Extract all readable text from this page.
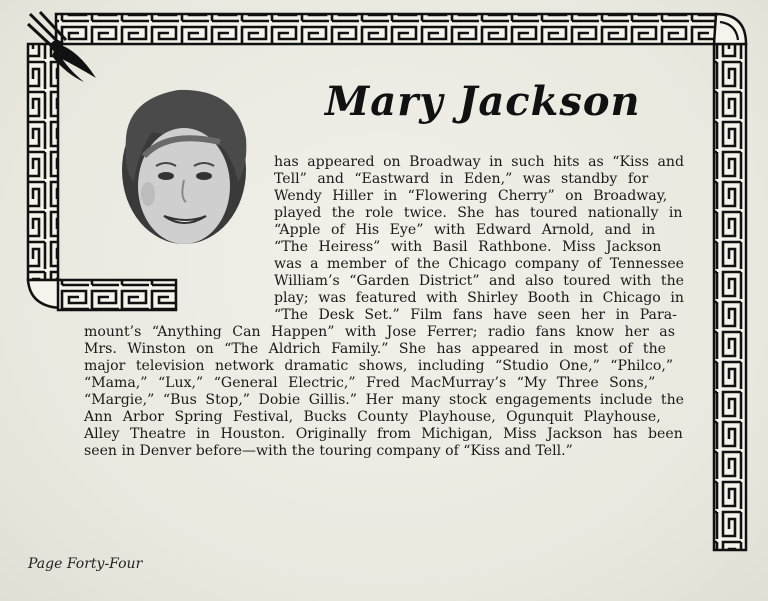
Mary Jackson
has appeared on Broadway in such hits as “Kiss and
Tell” and “Eastward in Eden,” was standby for
Wendy Hiller in “Flowering Cherry” on Broadway,
played the role twice. She has toured nationally in
“Apple of His Eye” with Edward Arnold, and in
“The Heiress” with Basil Rathbone. Miss Jackson
was a member of the Chicago company of Tennessee
William’s “Garden District” and also toured with the
play; was featured with Shirley Booth in Chicago in
“The Desk Set.” Film fans have seen her in Para-
mount’s “Anything Can Happen” with Jose Ferrer; radio fans know her as
Mrs. Winston on “The Aldrich Family.” She has appeared in most of the
major television network dramatic shows, including “Studio One,” “Philco,”
“Mama,” “Lux,” “General Electric,” Fred MacMurray’s “My Three Sons,”
“Margie,” “Bus Stop,” Dobie Gillis.” Her many stock engagements include the
Ann Arbor Spring Festival, Bucks County Playhouse, Ogunquit Playhouse,
Alley Theatre in Houston. Originally from Michigan, Miss Jackson has been
seen in Denver before—with the touring company of “Kiss and Tell.”
Page Forty-Four
